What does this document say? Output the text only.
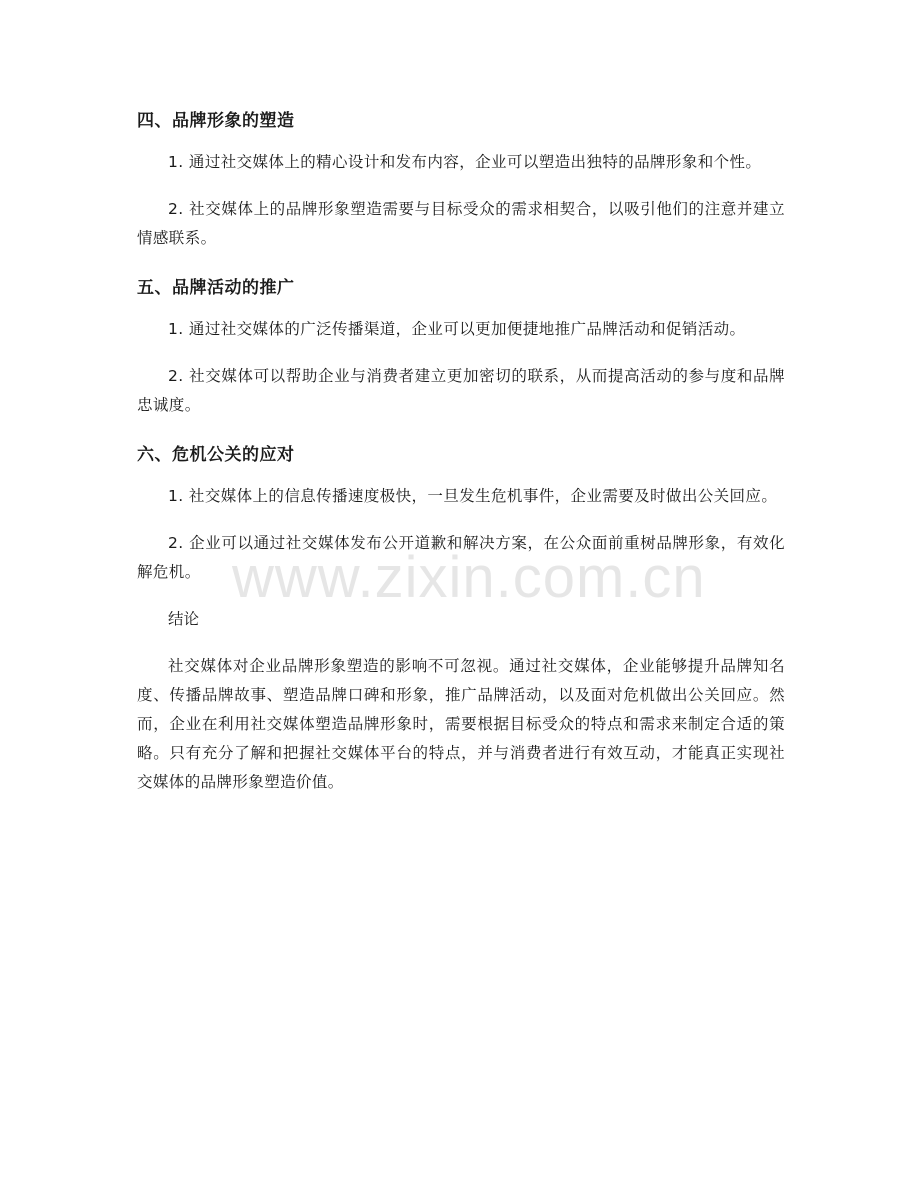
四、品牌形象的塑造

1. 通过社交媒体上的精心设计和发布内容，企业可以塑造出独特的品牌形象和个性。

2. 社交媒体上的品牌形象塑造需要与目标受众的需求相契合，以吸引他们的注意并建立情感联系。

五、品牌活动的推广

1. 通过社交媒体的广泛传播渠道，企业可以更加便捷地推广品牌活动和促销活动。

2. 社交媒体可以帮助企业与消费者建立更加密切的联系，从而提高活动的参与度和品牌忠诚度。

六、危机公关的应对

1. 社交媒体上的信息传播速度极快，一旦发生危机事件，企业需要及时做出公关回应。

2. 企业可以通过社交媒体发布公开道歉和解决方案，在公众面前重树品牌形象，有效化解危机。

结论

社交媒体对企业品牌形象塑造的影响不可忽视。通过社交媒体，企业能够提升品牌知名度、传播品牌故事、塑造品牌口碑和形象，推广品牌活动，以及面对危机做出公关回应。然而，企业在利用社交媒体塑造品牌形象时，需要根据目标受众的特点和需求来制定合适的策略。只有充分了解和把握社交媒体平台的特点，并与消费者进行有效互动，才能真正实现社交媒体的品牌形象塑造价值。

www.zixin.com.cn
